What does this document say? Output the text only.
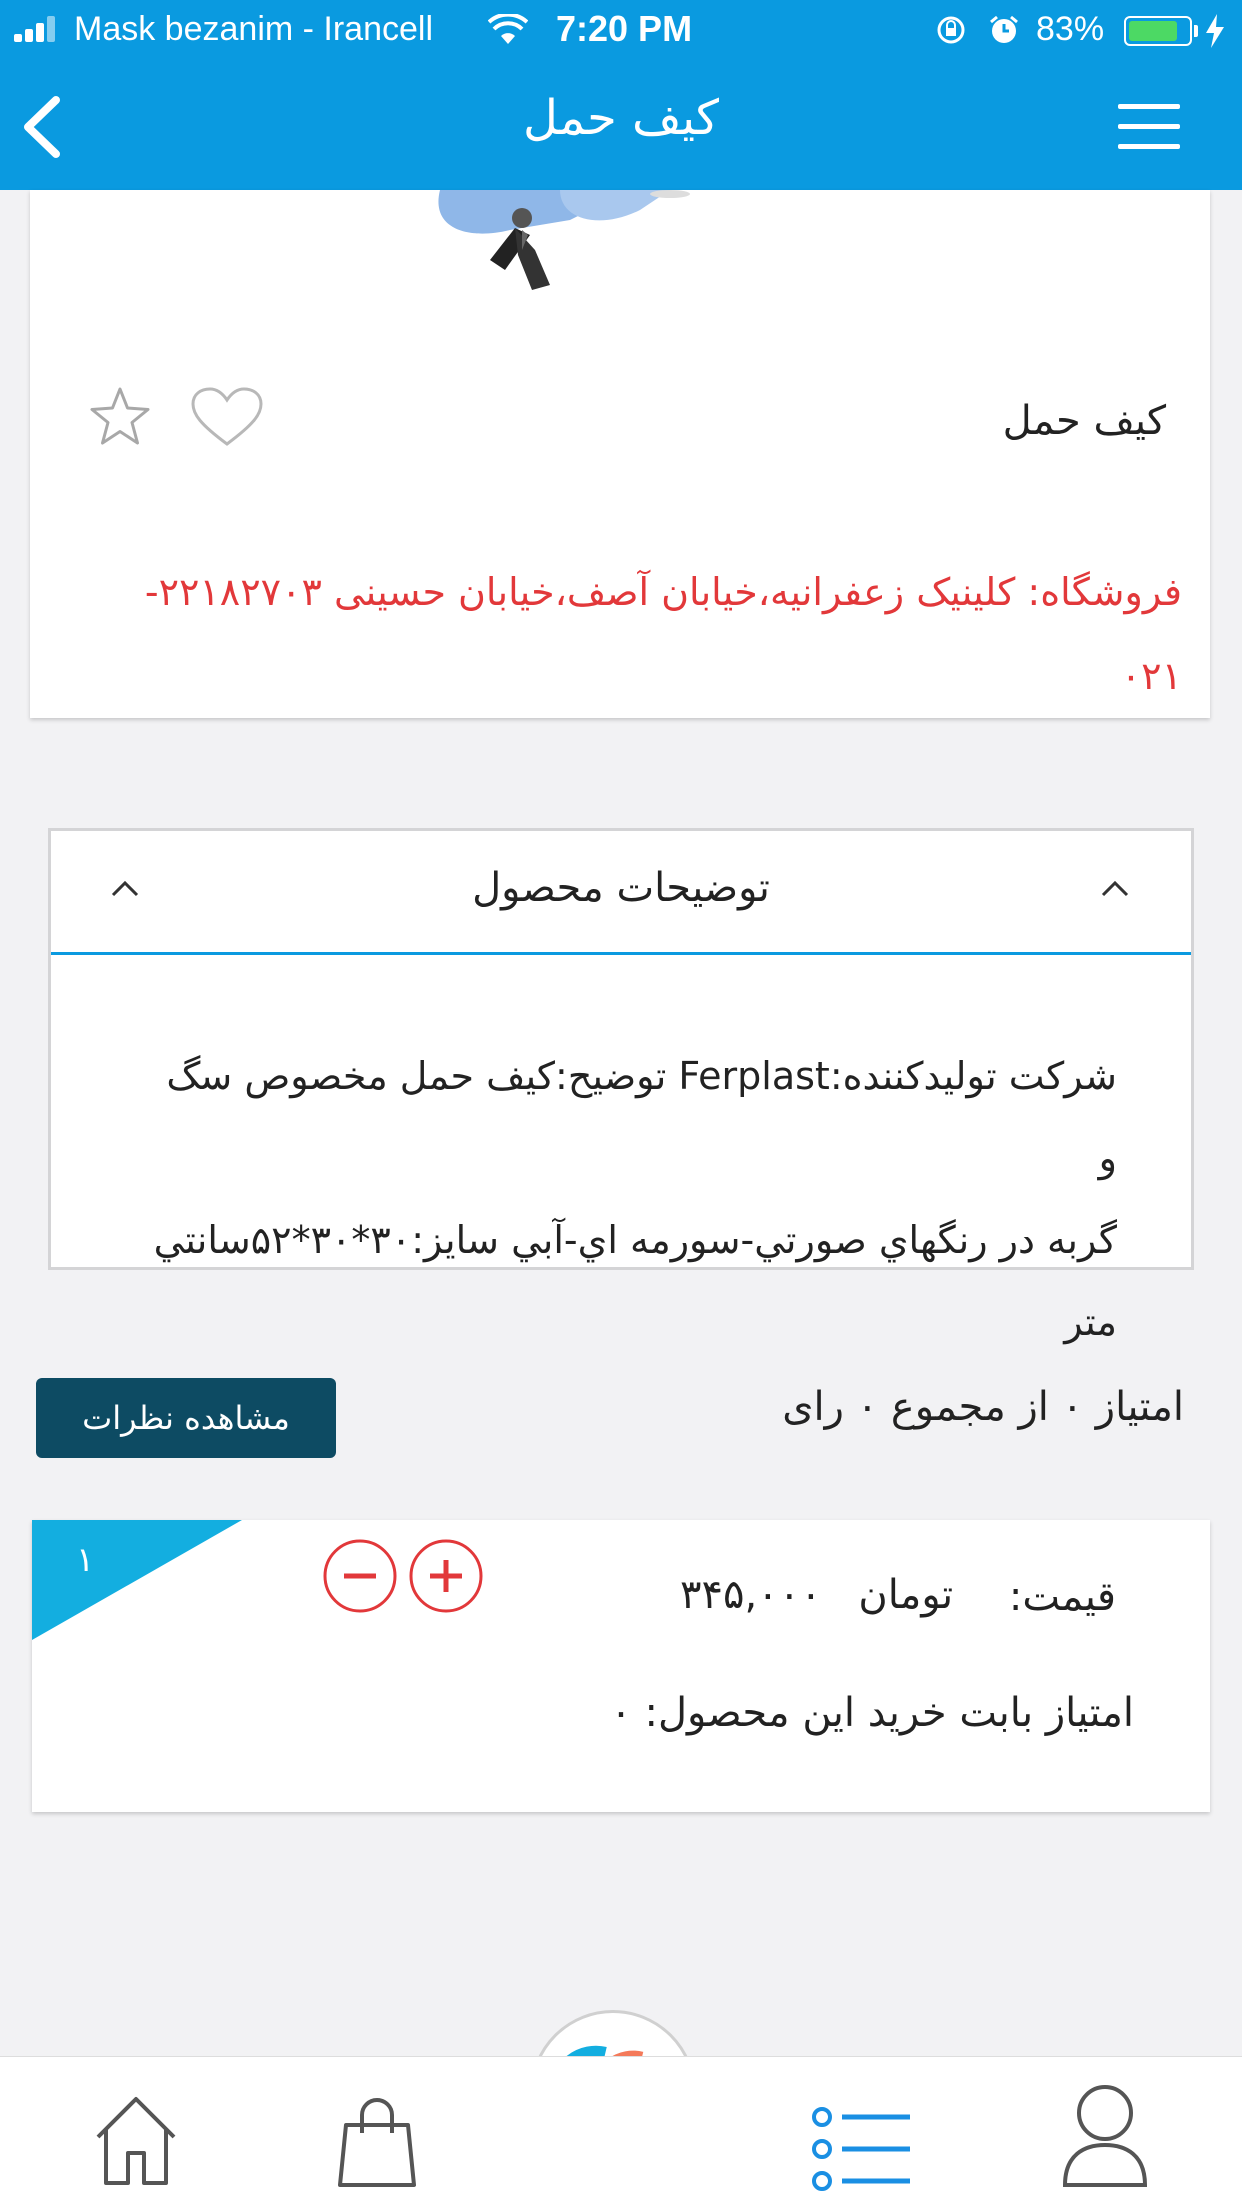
Mask bezanim - Irancell	7:20 PM	83%
کیف حمل
کیف حمل
فروشگاه: کلینیک زعفرانیه،خیابان آصف،خیابان حسینی ۲۲۱۸۲۷۰۳-
۰۲۱
توضیحات محصول
شرکت تولیدکننده:Ferplast توضیح:کیف حمل مخصوص سگ و
گربه در رنگهاي صورتي-سورمه اي-آبي سايز:۳۰*۳۰*۵۲سانتي متر
امتیاز ۰ از مجموع ۰ رای
مشاهده نظرات
۱
قیمت:
تومان ۳۴۵,۰۰۰
امتیاز بابت خرید این محصول: ۰
